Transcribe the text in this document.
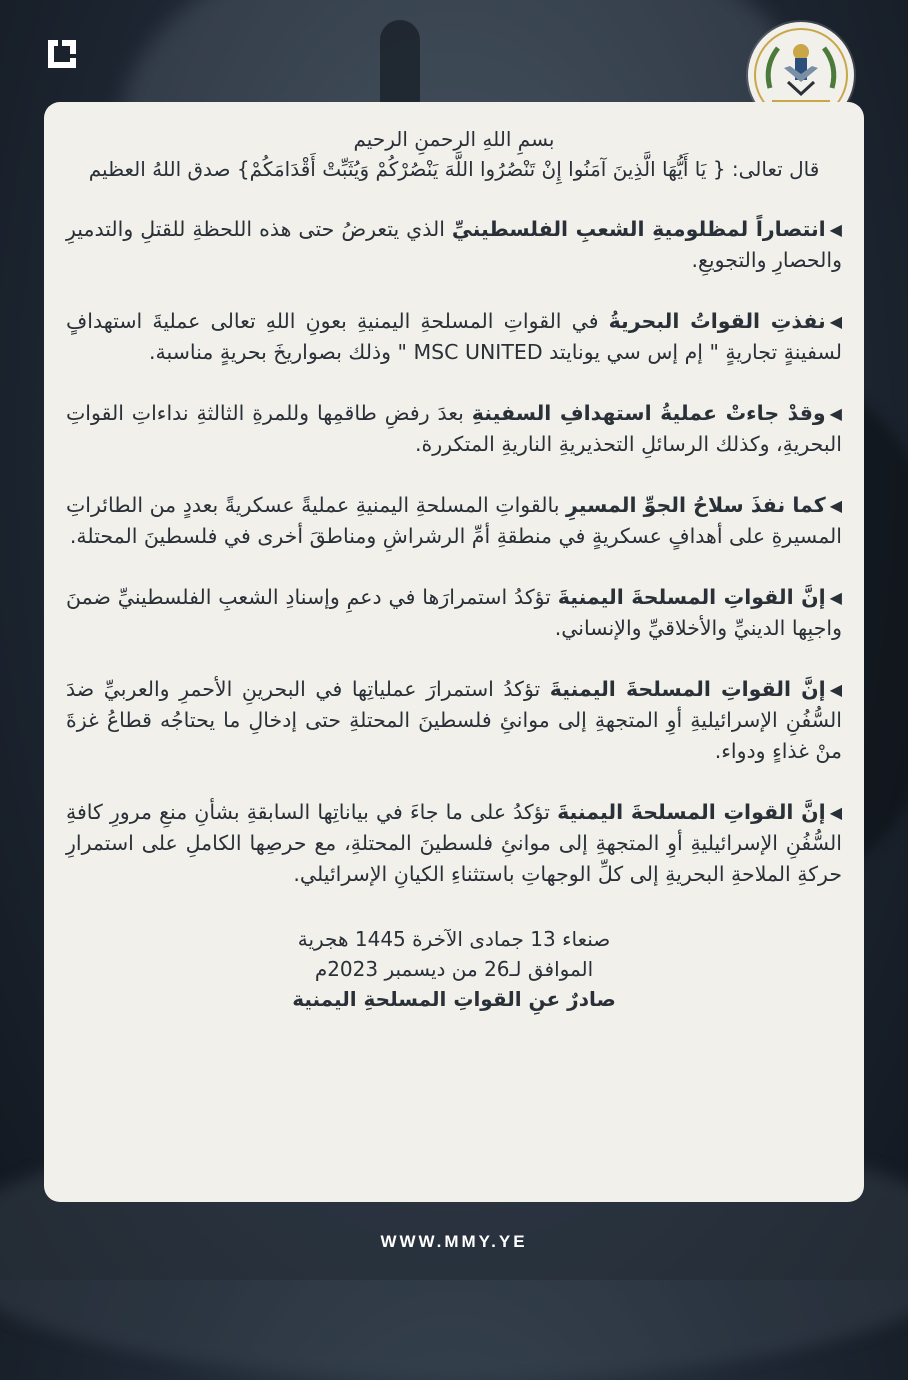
بسمِ اللهِ الرحمنِ الرحيم
قال تعالى: { يَا أَيُّهَا الَّذِينَ آمَنُوا إِنْ تَنْصُرُوا اللَّهَ يَنْصُرْكُمْ وَيُثَبِّتْ أَقْدَامَكُمْ} صدق اللهُ العظيم
◀انتصاراً لمظلوميةِ الشعبِ الفلسطينيِّ الذي يتعرضُ حتى هذه اللحظةِ للقتلِ والتدميرِ والحصارِ والتجويعِ.
◀نفذتِ القواتُ البحريةُ في القواتِ المسلحةِ اليمنيةِ بعونِ اللهِ تعالى عمليةَ استهدافٍ لسفينةٍ تجاريةٍ " إم إس سي يونايتد MSC UNITED " وذلك بصواريخَ بحريةٍ مناسبة.
◀وقدْ جاءتْ عمليةُ استهدافِ السفينةِ بعدَ رفضِ طاقمِها وللمرةِ الثالثةِ نداءاتِ القواتِ البحريةِ، وكذلك الرسائلِ التحذيريةِ الناريةِ المتكررة.
◀كما نفذَ سلاحُ الجوِّ المسيرِ بالقواتِ المسلحةِ اليمنيةِ عمليةً عسكريةً بعددٍ من الطائراتِ المسيرةِ على أهدافٍ عسكريةٍ في منطقةِ أمِّ الرشراشِ ومناطقَ أخرى في فلسطينَ المحتلة.
◀إنَّ القواتِ المسلحةَ اليمنيةَ تؤكدُ استمرارَها في دعمِ وإسنادِ الشعبِ الفلسطينيِّ ضمنَ واجبِها الدينيِّ والأخلاقيِّ والإنساني.
◀إنَّ القواتِ المسلحةَ اليمنيةَ تؤكدُ استمرارَ عملياتِها في البحرينِ الأحمرِ والعربيِّ ضدَ السُّفُنِ الإسرائيليةِ أوِ المتجهةِ إلى موانئِ فلسطينَ المحتلةِ حتى إدخالِ ما يحتاجُه قطاعُ غزةَ منْ غذاءٍ ودواء.
◀إنَّ القواتِ المسلحةَ اليمنيةَ تؤكدُ على ما جاءَ في بياناتِها السابقةِ بشأنِ منعِ مرورِ كافةِ السُّفُنِ الإسرائيليةِ أوِ المتجهةِ إلى موانئِ فلسطينَ المحتلةِ، مع حرصِها الكاملِ على استمرارِ حركةِ الملاحةِ البحريةِ إلى كلِّ الوجهاتِ باستثناءِ الكيانِ الإسرائيلي.
صنعاء 13 جمادى الآخرة 1445 هجرية
الموافق لـ26 من ديسمبر 2023م
صادرٌ عنِ القواتِ المسلحةِ اليمنية
WWW.MMY.YE
